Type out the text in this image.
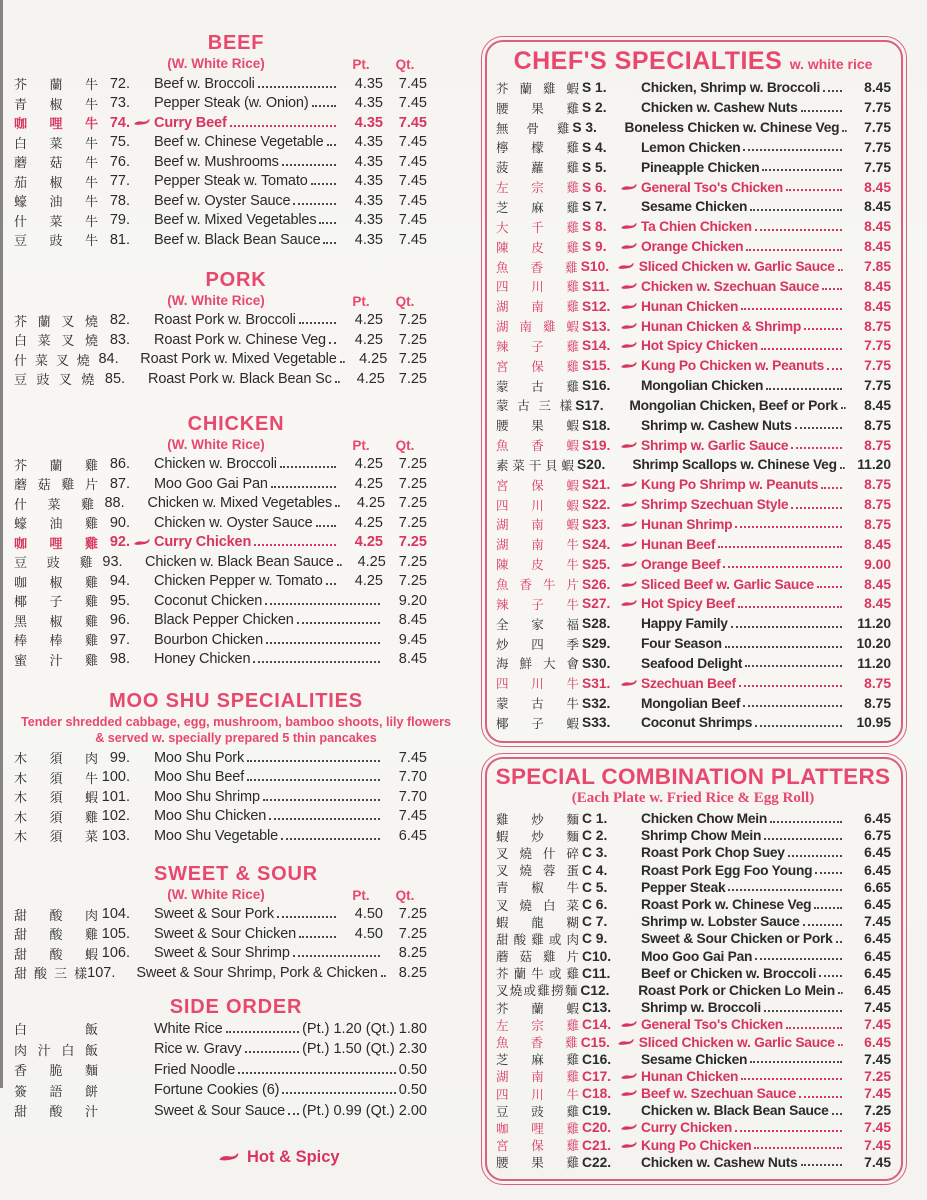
BEEF
(W. White Rice)	Pt.	Qt.
芥 蘭 牛 72. Beef w. Broccoli	4.35	7.45
青 椒 牛 73. Pepper Steak (w. Onion)	4.35	7.45
咖 哩 牛 74. Curry Beef	4.35	7.45
白 菜 牛 75. Beef w. Chinese Vegetable	4.35	7.45
蘑 菇 牛 76. Beef w. Mushrooms	4.35	7.45
茄 椒 牛 77. Pepper Steak w. Tomato	4.35	7.45
蠔 油 牛 78. Beef w. Oyster Sauce	4.35	7.45
什 菜 牛 79. Beef w. Mixed Vegetables	4.35	7.45
豆 豉 牛 81. Beef w. Black Bean Sauce	4.35	7.45
PORK
(W. White Rice)	Pt.	Qt.
芥 蘭 叉 燒 82. Roast Pork w. Broccoli	4.25	7.25
白 菜 叉 燒 83. Roast Pork w. Chinese Veg	4.25	7.25
什 菜 叉 燒 84. Roast Pork w. Mixed Vegetable	4.25 7.25
豆 豉 叉 燒 85. Roast Pork w. Black Bean Sc	4.25 7.25
CHICKEN
(W. White Rice)	Pt.	Qt.
芥 蘭 雞 86. Chicken w. Broccoli	4.25	7.25
蘑 菇 雞 片 87. Moo Goo Gai Pan	4.25	7.25
什 菜 雞 88. Chicken w. Mixed Vegetables	4.25 7.25
蠔 油 雞 90. Chicken w. Oyster Sauce	4.25	7.25
咖 哩 雞 92. Curry Chicken	4.25	7.25
豆 豉 雞 93. Chicken w. Black Bean Sauce	4.25 7.25
咖 椒 雞 94. Chicken Pepper w. Tomato	4.25	7.25
椰 子 雞 95. Coconut Chicken	9.20
黑 椒 雞 96. Black Pepper Chicken	8.45
棒 棒 雞 97. Bourbon Chicken	9.45
蜜 汁 雞 98. Honey Chicken	8.45
MOO SHU SPECIALITIES

Tender shredded cabbage, egg, mushroom, bamboo shoots, lily flowers & served w. specially prepared 5 thin pancakes

木 須 肉 99. Moo Shu Pork	7.45
木 須 牛 100. Moo Shu Beef	7.70
木 須 蝦 101. Moo Shu Shrimp	7.70
木 須 雞 102. Moo Shu Chicken	7.45
木 須 菜 103. Moo Shu Vegetable	6.45
SWEET & SOUR
(W. White Rice)	Pt.	Qt.
甜 酸 肉 104. Sweet & Sour Pork	4.50	7.25
甜 酸 雞 105. Sweet & Sour Chicken	4.50	7.25
甜 酸 蝦 106. Sweet & Sour Shrimp	8.25
甜 酸 三 樣 107. Sweet & Sour Shrimp, Pork & Chicken	8.25
SIDE ORDER
白	飯	White Rice	(Pt.) 1.20 (Qt.) 1.80
肉 汁 白 飯	Rice w. Gravy	(Pt.) 1.50 (Qt.) 2.30
香 脆 麵	Fried Noodle	0.50
簽 語 餅	Fortune Cookies (6)	0.50
甜 酸 汁	Sweet & Sour Sauce (Pt.) 0.99 (Qt.) 2.00
CHEF'S SPECIALTIES w. white rice
芥 蘭 雞 蝦 S 1.	Chicken, Shrimp w. Broccoli	8.45
腰 果 雞 S 2.	Chicken w. Cashew Nuts	7.75
無 骨 雞 S 3.	Boneless Chicken w. Chinese Veg	7.75
檸 檬 雞 S 4.	Lemon Chicken	7.75
菠 蘿 雞 S 5.	Pineapple Chicken	7.75
左 宗 雞 S 6.	General Tso's Chicken	8.45
芝 麻 雞 S 7.	Sesame Chicken	8.45
大 千 雞 S 8.	Ta Chien Chicken	8.45
陳 皮 雞 S 9.	Orange Chicken	8.45
魚 香 雞 S10.	Sliced Chicken w. Garlic Sauce	7.85
四 川 雞 S11.	Chicken w. Szechuan Sauce	8.45
湖 南 雞 S12.	Hunan Chicken	8.45
湖 南 雞 蝦 S13.	Hunan Chicken & Shrimp	8.75
辣 子 雞 S14.	Hot Spicy Chicken	7.75
宮 保 雞 S15.	Kung Po Chicken w. Peanuts	7.75
蒙 古 雞 S16.	Mongolian Chicken	7.75
蒙 古 三 樣 S17. Mongolian Chicken, Beef or Pork	8.45
腰 果 蝦 S18.	Shrimp w. Cashew Nuts	8.75
魚 香 蝦 S19.	Shrimp w. Garlic Sauce	8.75
素 菜 干 貝 蝦 S20. Shrimp Scallops w. Chinese Veg	11.20
宮 保 蝦 S21.	Kung Po Shrimp w. Peanuts	8.75
四 川 蝦 S22.	Shrimp Szechuan Style	8.75
湖 南 蝦 S23.	Hunan Shrimp	8.75
湖 南 牛 S24.	Hunan Beef	8.45
陳 皮 牛 S25.	Orange Beef	9.00
魚 香 牛 片 S26.	Sliced Beef w. Garlic Sauce	8.45
辣 子 牛 S27.	Hot Spicy Beef	8.45
全 家 福 S28.	Happy Family	11.20
炒 四 季 S29.	Four Season	10.20
海 鮮 大 會 S30.	Seafood Delight	11.20
四 川 牛 S31.	Szechuan Beef	8.75
蒙 古 牛 S32.	Mongolian Beef	8.75
椰 子 蝦 S33.	Coconut Shrimps	10.95
SPECIAL COMBINATION PLATTERS
(Each Plate w. Fried Rice & Egg Roll)
雞 炒 麵 C 1.	Chicken Chow Mein	6.45
蝦 炒 麵 C 2.	Shrimp Chow Mein	6.75
叉 燒 什 碎 C 3.	Roast Pork Chop Suey	6.45
叉 燒 蓉 蛋 C 4.	Roast Pork Egg Foo Young	6.45
青 椒 牛 C 5.	Pepper Steak	6.65
叉 燒 白 菜 C 6.	Roast Pork w. Chinese Veg	6.45
蝦 龍 糊 C 7.	Shrimp w. Lobster Sauce	7.45
甜 酸 雞 或 肉 C 9.	Sweet & Sour Chicken or Pork	6.45
蘑 菇 雞 片 C10.	Moo Goo Gai Pan	6.45
芥 蘭 牛 或 雞 C11.	Beef or Chicken w. Broccoli	6.45
叉 燒 或 雞 撈 麵 C12.	Roast Pork or Chicken Lo Mein	6.45
芥 蘭 蝦 C13.	Shrimp w. Broccoli	7.45
左 宗 雞 C14.	General Tso's Chicken	7.45
魚 香 雞 C15.	Sliced Chicken w. Garlic Sauce	6.45
芝 麻 雞 C16.	Sesame Chicken	7.45
湖 南 雞 C17.	Hunan Chicken	7.25
四 川 牛 C18.	Beef w. Szechuan Sauce	7.45
豆 豉 雞 C19.	Chicken w. Black Bean Sauce	7.25
咖 哩 雞 C20.	Curry Chicken	7.45
宮 保 雞 C21.	Kung Po Chicken	7.45
腰 果 雞 C22.	Chicken w. Cashew Nuts	7.45
Hot & Spicy
